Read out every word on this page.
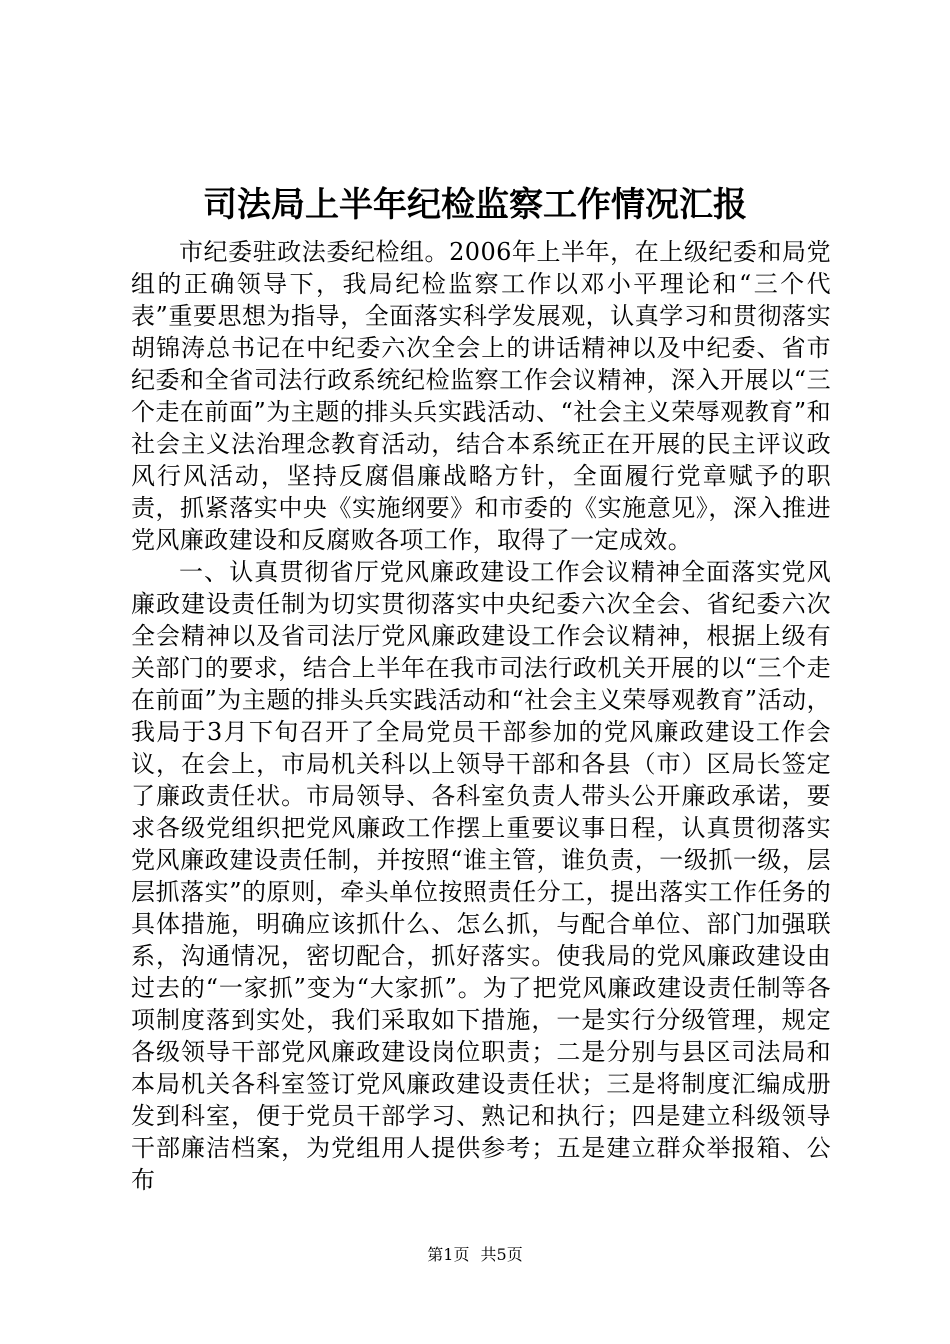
司法局上半年纪检监察工作情况汇报

市纪委驻政法委纪检组。2006年上半年，在上级纪委和局党组的正确领导下，我局纪检监察工作以邓小平理论和“三个代表”重要思想为指导，全面落实科学发展观，认真学习和贯彻落实胡锦涛总书记在中纪委六次全会上的讲话精神以及中纪委、省市纪委和全省司法行政系统纪检监察工作会议精神，深入开展以“三个走在前面”为主题的排头兵实践活动、“社会主义荣辱观教育”和社会主义法治理念教育活动，结合本系统正在开展的民主评议政风行风活动，坚持反腐倡廉战略方针，全面履行党章赋予的职责，抓紧落实中央《实施纲要》和市委的《实施意见》，深入推进党风廉政建设和反腐败各项工作，取得了一定成效。

一、认真贯彻省厅党风廉政建设工作会议精神全面落实党风廉政建设责任制为切实贯彻落实中央纪委六次全会、省纪委六次全会精神以及省司法厅党风廉政建设工作会议精神，根据上级有关部门的要求，结合上半年在我市司法行政机关开展的以“三个走在前面”为主题的排头兵实践活动和“社会主义荣辱观教育”活动，我局于3月下旬召开了全局党员干部参加的党风廉政建设工作会议，在会上，市局机关科以上领导干部和各县（市）区局长签定了廉政责任状。市局领导、各科室负责人带头公开廉政承诺，要求各级党组织把党风廉政工作摆上重要议事日程，认真贯彻落实党风廉政建设责任制，并按照“谁主管，谁负责，一级抓一级，层层抓落实”的原则，牵头单位按照责任分工，提出落实工作任务的具体措施，明确应该抓什么、怎么抓，与配合单位、部门加强联系，沟通情况，密切配合，抓好落实。使我局的党风廉政建设由过去的“一家抓”变为“大家抓”。为了把党风廉政建设责任制等各项制度落到实处，我们采取如下措施，一是实行分级管理，规定各级领导干部党风廉政建设岗位职责；二是分别与县区司法局和本局机关各科室签订党风廉政建设责任状；三是将制度汇编成册发到科室，便于党员干部学习、熟记和执行；四是建立科级领导干部廉洁档案，为党组用人提供参考；五是建立群众举报箱、公布

第1页 共5页
